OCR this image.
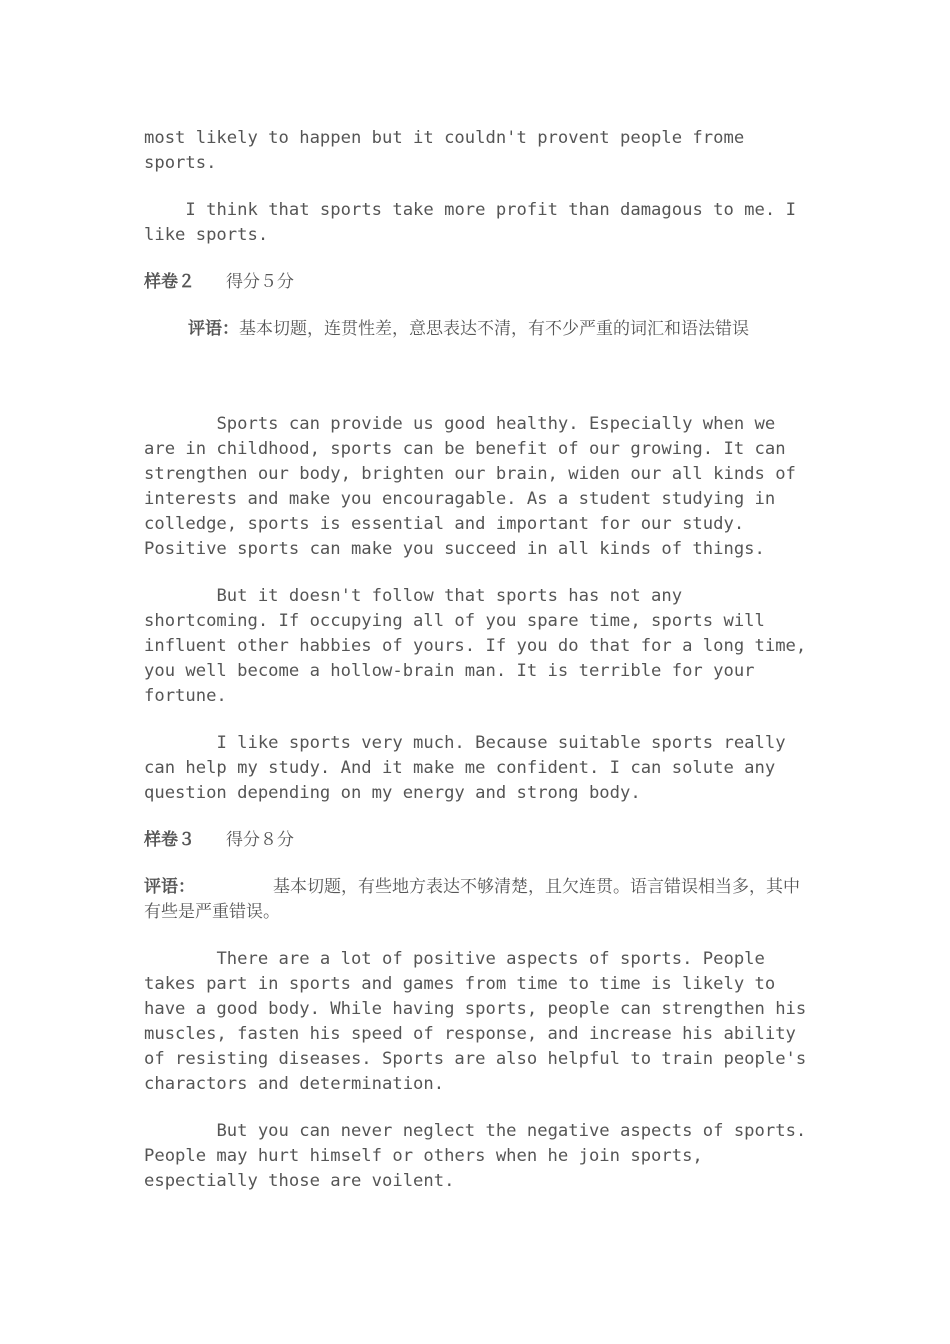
most likely to happen but it couldn't provent people frome sports.

I think that sports take more profit than damagous to me. I like sports.

样卷２	得分５分

评语：基本切题，连贯性差，意思表达不清，有不少严重的词汇和语法错误

Sports can provide us good healthy. Especially when we are in childhood, sports can be benefit of our growing. It can strengthen our body, brighten our brain, widen our all kinds of interests and make you encouragable. As a student studying in colledge, sports is essential and important for our study. Positive sports can make you succeed in all kinds of things.

But it doesn't follow that sports has not any shortcoming. If occupying all of you spare time, sports will influent other habbies of yours. If you do that for a long time, you well become a hollow-brain man. It is terrible for your fortune.

I like sports very much. Because suitable sports really can help my study. And it make me confident. I can solute any question depending on my energy and strong body.

样卷３	得分８分

评语：	基本切题，有些地方表达不够清楚，且欠连贯。语言错误相当多，其中有些是严重错误。

There are a lot of positive aspects of sports. People takes part in sports and games from time to time is likely to have a good body. While having sports, people can strengthen his muscles, fasten his speed of response, and increase his ability of resisting diseases. Sports are also helpful to train people's charactors and determination.

But you can never neglect the negative aspects of sports. People may hurt himself or others when he join sports, espectially those are voilent.
